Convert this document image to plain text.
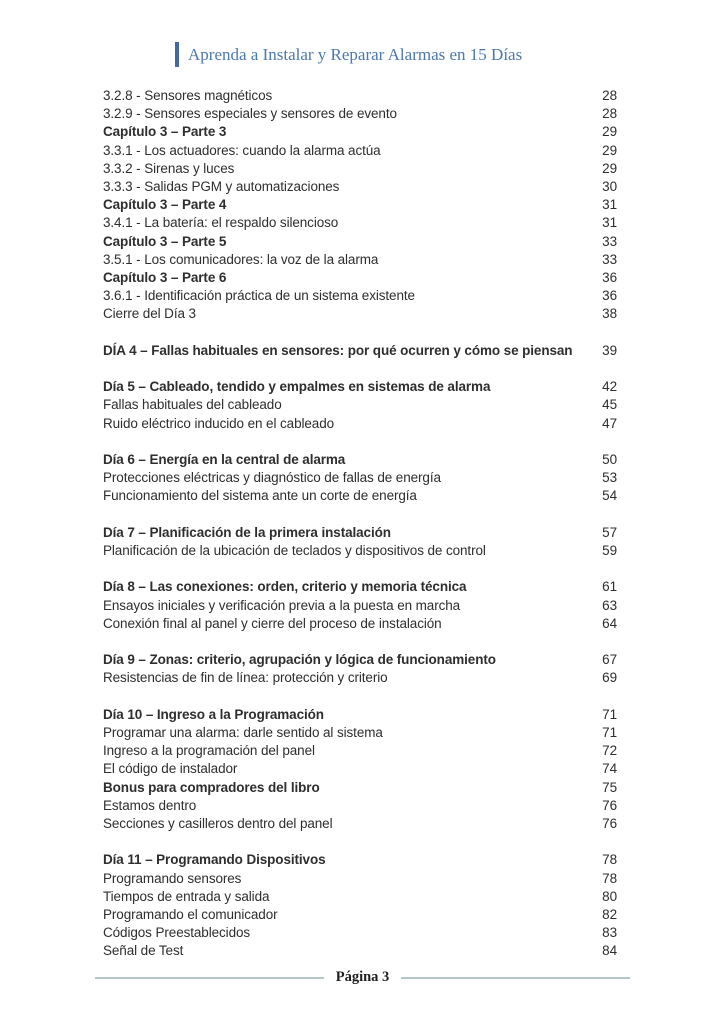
Aprenda a Instalar y Reparar Alarmas en 15 Días
3.2.8 - Sensores magnéticos	28
3.2.9 - Sensores especiales y sensores de evento	28
Capítulo 3 – Parte 3	29
3.3.1 - Los actuadores: cuando la alarma actúa	29
3.3.2 - Sirenas y luces	29
3.3.3 - Salidas PGM y automatizaciones	30
Capítulo 3 – Parte 4	31
3.4.1 - La batería: el respaldo silencioso	31
Capítulo 3 – Parte 5	33
3.5.1 - Los comunicadores: la voz de la alarma	33
Capítulo 3 – Parte 6	36
3.6.1 - Identificación práctica de un sistema existente	36
Cierre del Día 3	38
DÍA 4 – Fallas habituales en sensores: por qué ocurren y cómo se piensan 39
Día 5 – Cableado, tendido y empalmes en sistemas de alarma	42
Fallas habituales del cableado	45
Ruido eléctrico inducido en el cableado	47
Día 6 – Energía en la central de alarma	50
Protecciones eléctricas y diagnóstico de fallas de energía	53
Funcionamiento del sistema ante un corte de energía	54
Día 7 – Planificación de la primera instalación	57
Planificación de la ubicación de teclados y dispositivos de control	59
Día 8 – Las conexiones: orden, criterio y memoria técnica	61
Ensayos iniciales y verificación previa a la puesta en marcha	63
Conexión final al panel y cierre del proceso de instalación	64
Día 9 – Zonas: criterio, agrupación y lógica de funcionamiento	67
Resistencias de fin de línea: protección y criterio	69
Día 10 – Ingreso a la Programación	71
Programar una alarma: darle sentido al sistema	71
Ingreso a la programación del panel	72
El código de instalador	74
Bonus para compradores del libro	75
Estamos dentro	76
Secciones y casilleros dentro del panel	76
Día 11 – Programando Dispositivos	78
Programando sensores	78
Tiempos de entrada y salida	80
Programando el comunicador	82
Códigos Preestablecidos	83
Señal de Test	84
Página 3
